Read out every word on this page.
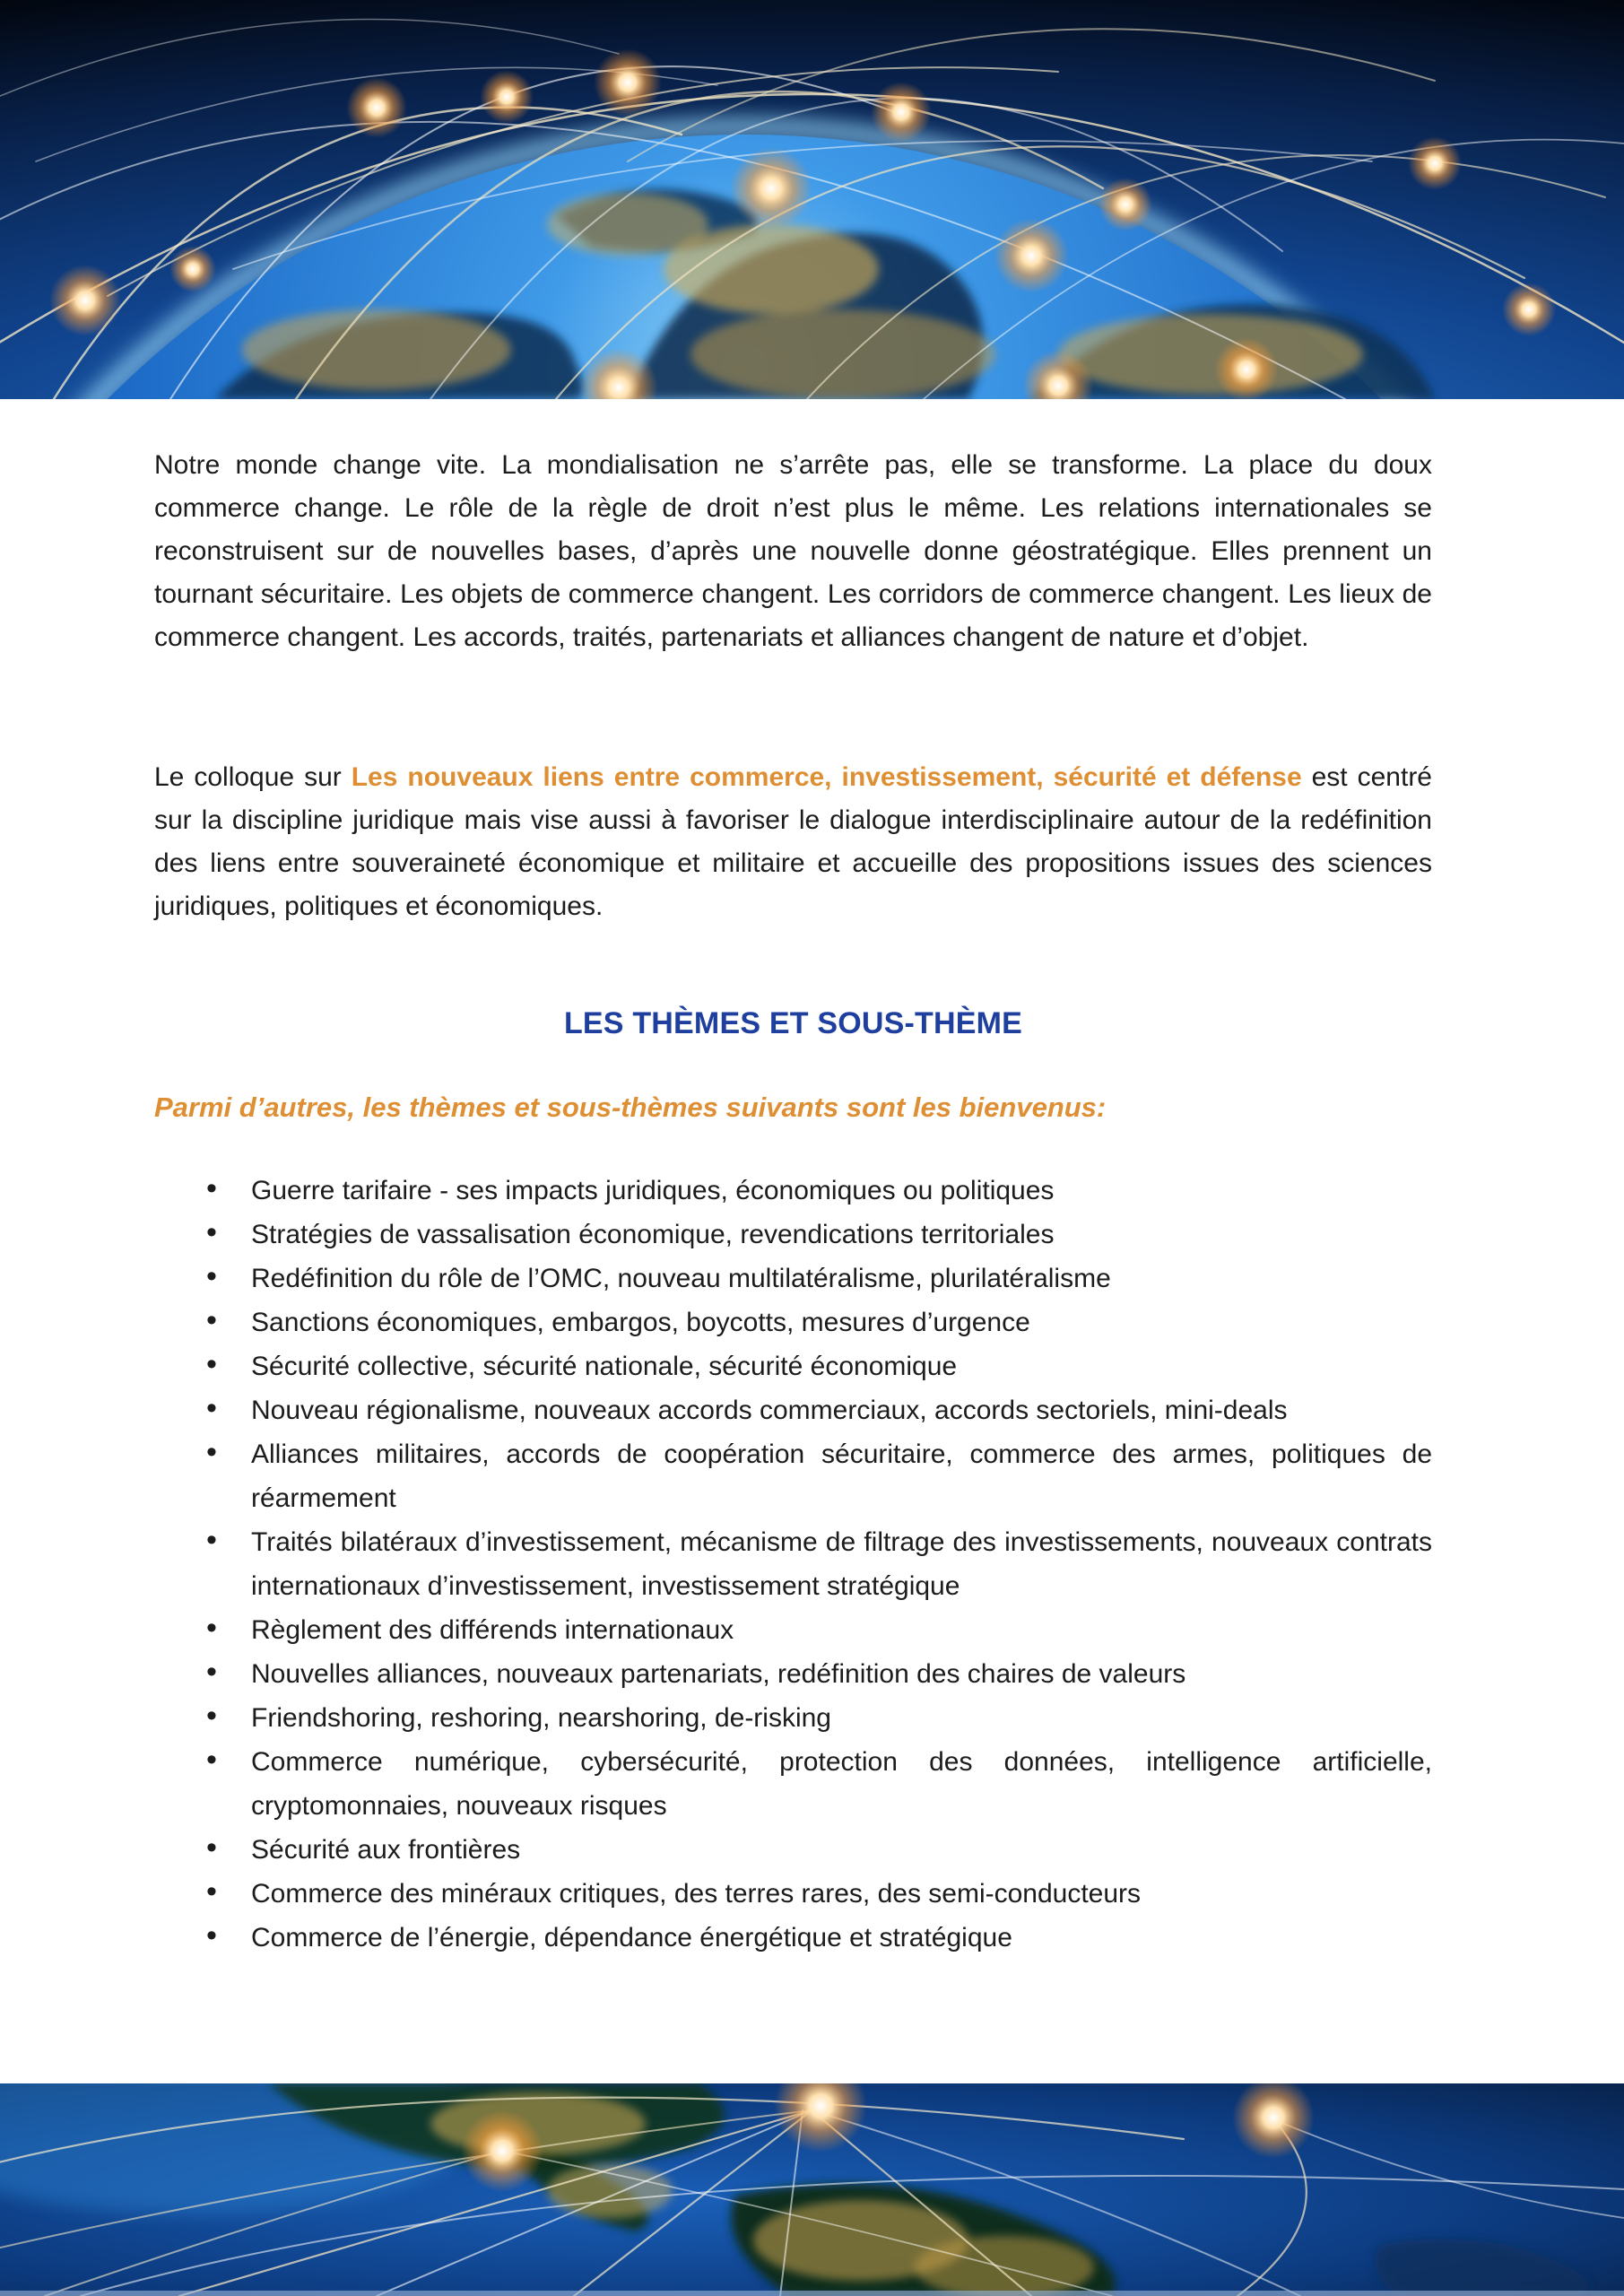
Notre monde change vite. La mondialisation ne s’arrête pas, elle se transforme. La place du doux commerce change. Le rôle de la règle de droit n’est plus le même. Les relations internationales se reconstruisent sur de nouvelles bases, d’après une nouvelle donne géostratégique. Elles prennent un tournant sécuritaire. Les objets de commerce changent. Les corridors de commerce changent. Les lieux de commerce changent. Les accords, traités, partenariats et alliances changent de nature et d’objet.

Le colloque sur Les nouveaux liens entre commerce, investissement, sécurité et défense est centré sur la discipline juridique mais vise aussi à favoriser le dialogue interdisciplinaire autour de la redéfinition des liens entre souveraineté économique et militaire et accueille des propositions issues des sciences juridiques, politiques et économiques.

LES THÈMES ET SOUS-THÈME

Parmi d’autres, les thèmes et sous-thèmes suivants sont les bienvenus:

• Guerre tarifaire - ses impacts juridiques, économiques ou politiques
• Stratégies de vassalisation économique, revendications territoriales
• Redéfinition du rôle de l’OMC, nouveau multilatéralisme, plurilatéralisme
• Sanctions économiques, embargos, boycotts, mesures d’urgence
• Sécurité collective, sécurité nationale, sécurité économique
• Nouveau régionalisme, nouveaux accords commerciaux, accords sectoriels, mini-deals
• Alliances militaires, accords de coopération sécuritaire, commerce des armes, politiques de réarmement
• Traités bilatéraux d’investissement, mécanisme de filtrage des investissements, nouveaux contrats internationaux d’investissement, investissement stratégique
• Règlement des différends internationaux
• Nouvelles alliances, nouveaux partenariats, redéfinition des chaires de valeurs
• Friendshoring, reshoring, nearshoring, de-risking
• Commerce numérique, cybersécurité, protection des données, intelligence artificielle, cryptomonnaies, nouveaux risques
• Sécurité aux frontières
• Commerce des minéraux critiques, des terres rares, des semi-conducteurs
• Commerce de l’énergie, dépendance énergétique et stratégique
